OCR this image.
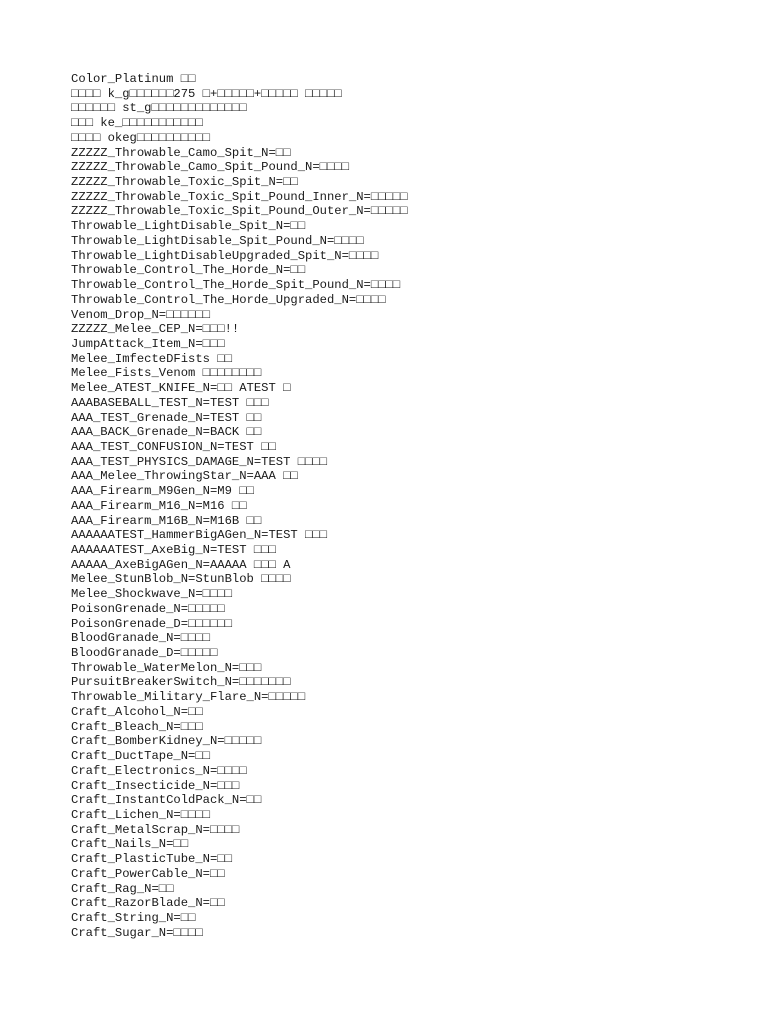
Color_Platinum □□
□□□□ k_g□□□□□□275 □+□□□□□+□□□□□ □□□□□
□□□□□□ st_g□□□□□□□□□□□□□
□□□ ke_□□□□□□□□□□□
□□□□ okeg□□□□□□□□□□
ZZZZZ_Throwable_Camo_Spit_N=□□
ZZZZZ_Throwable_Camo_Spit_Pound_N=□□□□
ZZZZZ_Throwable_Toxic_Spit_N=□□
ZZZZZ_Throwable_Toxic_Spit_Pound_Inner_N=□□□□□
ZZZZZ_Throwable_Toxic_Spit_Pound_Outer_N=□□□□□
Throwable_LightDisable_Spit_N=□□
Throwable_LightDisable_Spit_Pound_N=□□□□
Throwable_LightDisableUpgraded_Spit_N=□□□□
Throwable_Control_The_Horde_N=□□
Throwable_Control_The_Horde_Spit_Pound_N=□□□□
Throwable_Control_The_Horde_Upgraded_N=□□□□
Venom_Drop_N=□□□□□□
ZZZZZ_Melee_CEP_N=□□□!!
JumpAttack_Item_N=□□□
Melee_ImfecteDFists □□
Melee_Fists_Venom □□□□□□□□
Melee_ATEST_KNIFE_N=□□ ATEST □
AAABASEBALL_TEST_N=TEST □□□
AAA_TEST_Grenade_N=TEST □□
AAA_BACK_Grenade_N=BACK □□
AAA_TEST_CONFUSION_N=TEST □□
AAA_TEST_PHYSICS_DAMAGE_N=TEST □□□□
AAA_Melee_ThrowingStar_N=AAA □□
AAA_Firearm_M9Gen_N=M9 □□
AAA_Firearm_M16_N=M16 □□
AAA_Firearm_M16B_N=M16B □□
AAAAAATEST_HammerBigAGen_N=TEST □□□
AAAAAATEST_AxeBig_N=TEST □□□
AAAAA_AxeBigAGen_N=AAAAA □□□ A
Melee_StunBlob_N=StunBlob □□□□
Melee_Shockwave_N=□□□□
PoisonGrenade_N=□□□□□
PoisonGrenade_D=□□□□□□
BloodGranade_N=□□□□
BloodGranade_D=□□□□□
Throwable_WaterMelon_N=□□□
PursuitBreakerSwitch_N=□□□□□□□
Throwable_Military_Flare_N=□□□□□
Craft_Alcohol_N=□□
Craft_Bleach_N=□□□
Craft_BomberKidney_N=□□□□□
Craft_DuctTape_N=□□
Craft_Electronics_N=□□□□
Craft_Insecticide_N=□□□
Craft_InstantColdPack_N=□□
Craft_Lichen_N=□□□□
Craft_MetalScrap_N=□□□□
Craft_Nails_N=□□
Craft_PlasticTube_N=□□
Craft_PowerCable_N=□□
Craft_Rag_N=□□
Craft_RazorBlade_N=□□
Craft_String_N=□□
Craft_Sugar_N=□□□□
